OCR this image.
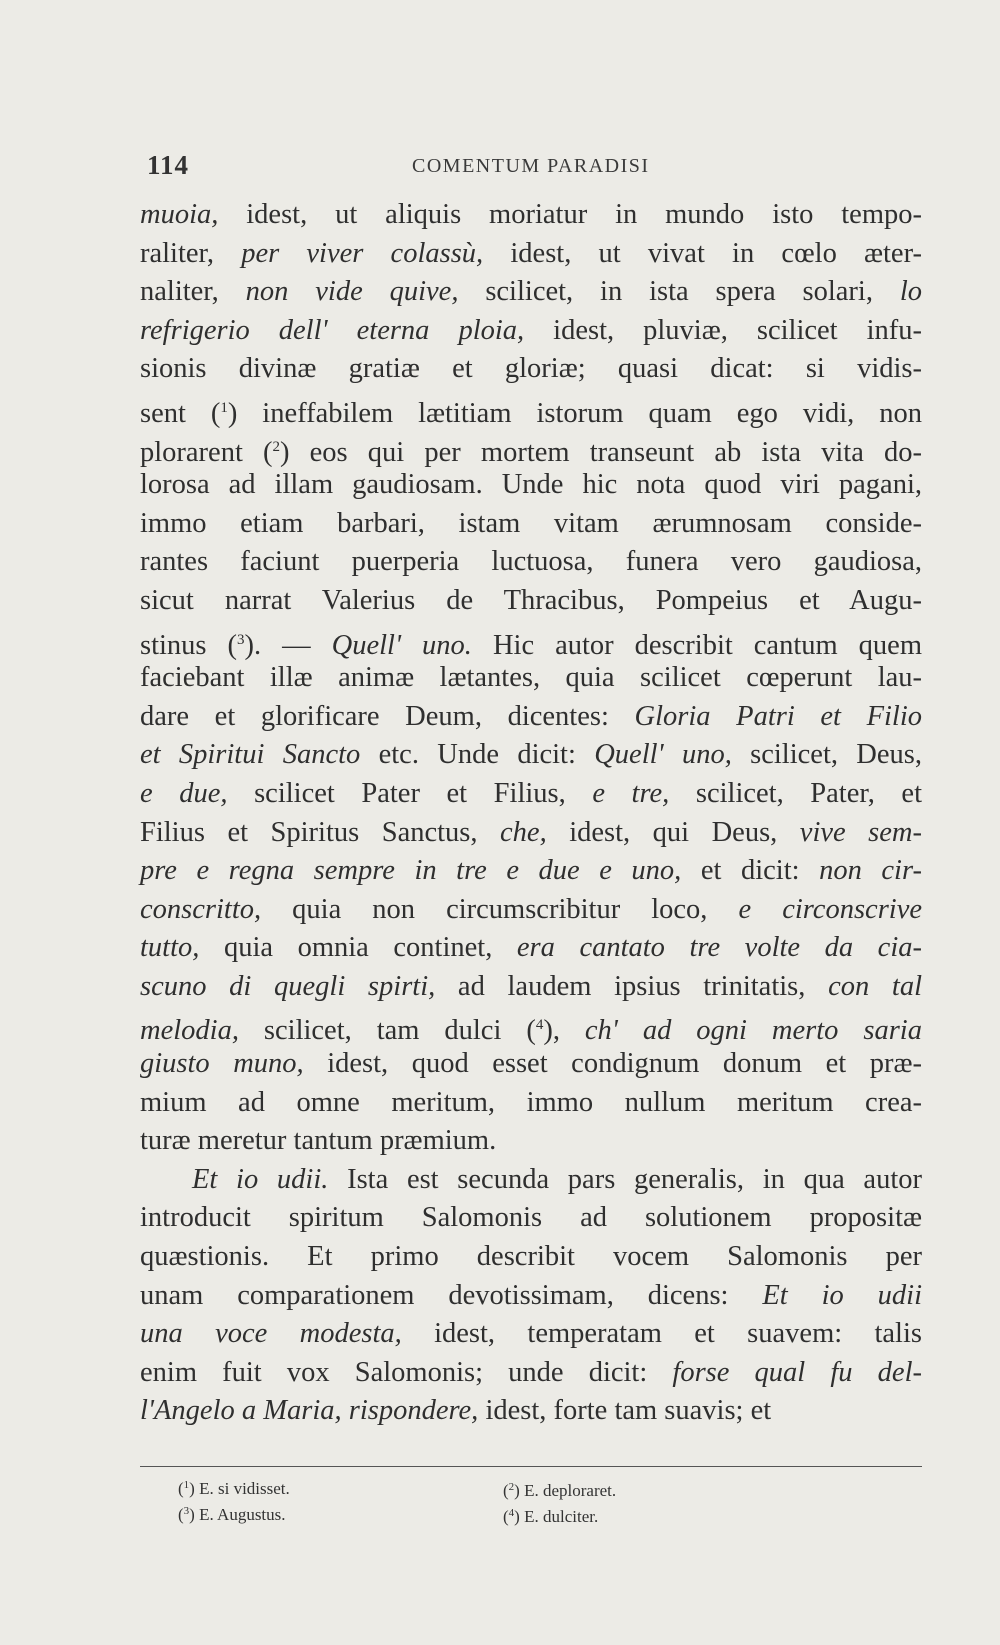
114	COMENTUM PARADISI
muoia, idest, ut aliquis moriatur in mundo isto tempo-
raliter, per viver colassù, idest, ut vivat in cœlo æter-
naliter, non vide quive, scilicet, in ista spera solari, lo
refrigerio dell' eterna ploia, idest, pluviæ, scilicet infu-
sionis divinæ gratiæ et gloriæ; quasi dicat: si vidis-
sent ($^1$) ineffabilem lætitiam istorum quam ego vidi, non
plorarent ($^2$) eos qui per mortem transeunt ab ista vita do-
lorosa ad illam gaudiosam. Unde hic nota quod viri pagani,
immo etiam barbari, istam vitam ærumnosam conside-
rantes faciunt puerperia luctuosa, funera vero gaudiosa,
sicut narrat Valerius de Thracibus, Pompeius et Augu-
stinus ($^3$). — Quell' uno. Hic autor describit cantum quem
faciebant illæ animæ lætantes, quia scilicet cœperunt lau-
dare et glorificare Deum, dicentes: Gloria Patri et Filio
et Spiritui Sancto etc. Unde dicit: Quell' uno, scilicet, Deus,
e due, scilicet Pater et Filius, e tre, scilicet, Pater, et
Filius et Spiritus Sanctus, che, idest, qui Deus, vive sem-
pre e regna sempre in tre e due e uno, et dicit: non cir-
conscritto, quia non circumscribitur loco, e circonscrive
tutto, quia omnia continet, era cantato tre volte da cia-
scuno di quegli spirti, ad laudem ipsius trinitatis, con tal
melodia, scilicet, tam dulci ($^4$), ch' ad ogni merto saria
giusto muno, idest, quod esset condignum donum et præ-
mium ad omne meritum, immo nullum meritum crea-
turæ meretur tantum præmium.
Et io udii. Ista est secunda pars generalis, in qua autor
introducit spiritum Salomonis ad solutionem propositæ
quæstionis. Et primo describit vocem Salomonis per
unam comparationem devotissimam, dicens: Et io udii
una voce modesta, idest, temperatam et suavem: talis
enim fuit vox Salomonis; unde dicit: forse qual fu del-
l'Angelo a Maria, rispondere, idest, forte tam suavis; et
($^1$) E. si vidisset.	($^2$) E. deploraret.
($^3$) E. Augustus.	($^4$) E. dulciter.
